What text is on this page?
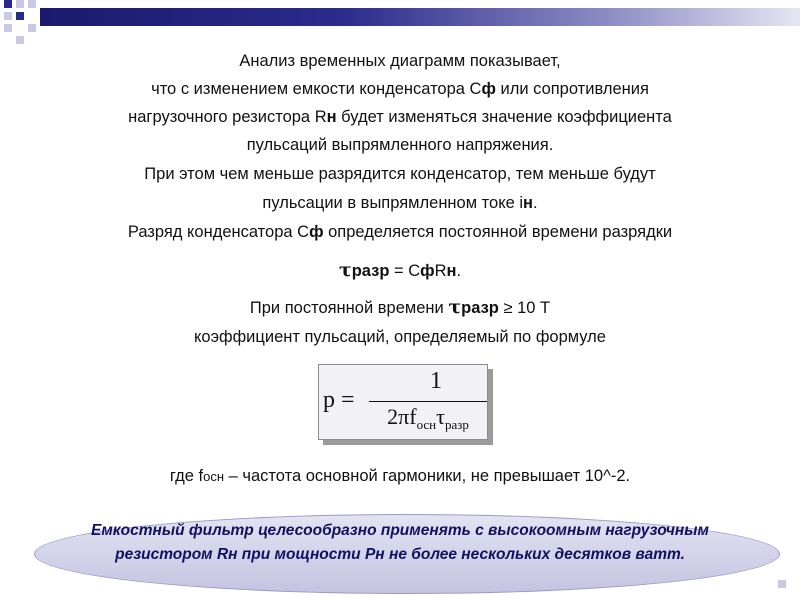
Анализ временных диаграмм показывает,
что с изменением емкости конденсатора Сф или сопротивления
нагрузочного резистора Rн будет изменяться значение коэффициента
пульсаций выпрямленного напряжения.
При этом чем меньше разрядится конденсатор, тем меньше будут
пульсации в выпрямленном токе iн.
Разряд конденсатора Сф определяется постоянной времени разрядки
τразр = СфRн.
При постоянной времени τразр ≥ 10 Т
коэффициент пульсаций, определяемый по формуле
p =
1
$2\pi f_{осн}\tau_{разр}$
где fосн – частота основной гармоники, не превышает 10^-2.
Емкостный фильтр целесообразно применять с высокоомным нагрузочным
резистором Rн при мощности Рн не более нескольких десятков ватт.
